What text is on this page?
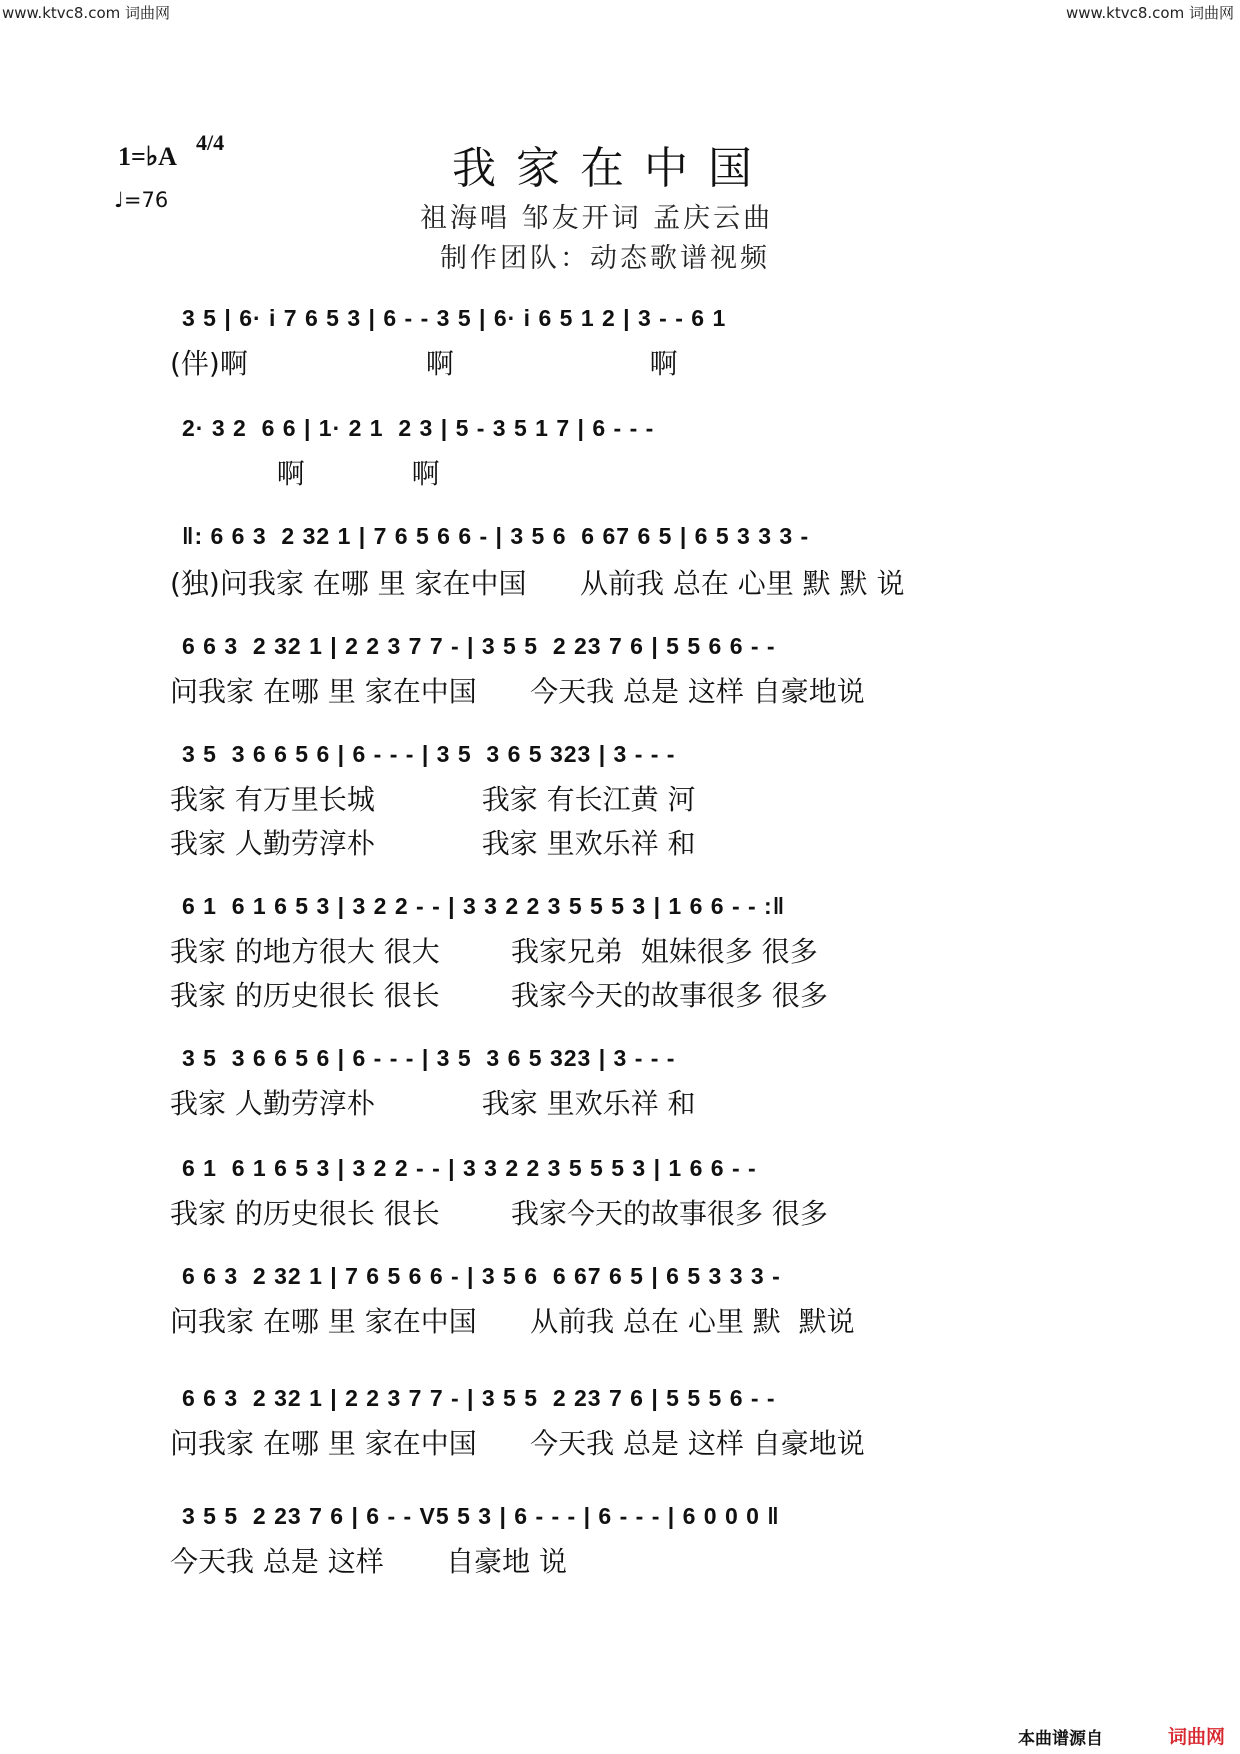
www.ktvc8.com 词曲网	www.ktvc8.com 词曲网
1=♭A 4/4
♩=76
我家在中国
祖海唱 邹友开词 孟庆云曲
制作团队：动态歌谱视频
3 5 | 6· i 7 6 5 3 | 6 - - 3 5 | 6· i 6 5 1 2 | 3 - - 6 1
(伴)啊                    啊                      啊
2· 3 2  6 6 | 1· 2 1  2 3 | 5 - 3 5 1 7 | 6 - - -
啊            啊
‖: 6 6 3  2 32 1 | 7 6 5 6 6 - | 3 5 6  6 67 6 5 | 6 5 3 3 3 -
(独)问我家 在哪 里 家在中国      从前我 总在 心里 默 默 说
6 6 3  2 32 1 | 2 2 3 7 7 - | 3 5 5  2 23 7 6 | 5 5 6 6 - -
问我家 在哪 里 家在中国      今天我 总是 这样 自豪地说
3 5  3 6 6 5 6 | 6 - - - | 3 5  3 6 5 323 | 3 - - -
我家 有万里长城            我家 有长江黄 河
我家 人勤劳淳朴            我家 里欢乐祥 和
6 1  6 1 6 5 3 | 3 2 2 - - | 3 3 2 2 3 5 5 5 3 | 1 6 6 - - :‖
我家 的地方很大 很大        我家兄弟  姐妹很多 很多
我家 的历史很长 很长        我家今天的故事很多 很多
3 5  3 6 6 5 6 | 6 - - - | 3 5  3 6 5 323 | 3 - - -
我家 人勤劳淳朴            我家 里欢乐祥 和
6 1  6 1 6 5 3 | 3 2 2 - - | 3 3 2 2 3 5 5 5 3 | 1 6 6 - -
我家 的历史很长 很长        我家今天的故事很多 很多
6 6 3  2 32 1 | 7 6 5 6 6 - | 3 5 6  6 67 6 5 | 6 5 3 3 3 -
问我家 在哪 里 家在中国      从前我 总在 心里 默  默说
6 6 3  2 32 1 | 2 2 3 7 7 - | 3 5 5  2 23 7 6 | 5 5 5 6 - -
问我家 在哪 里 家在中国      今天我 总是 这样 自豪地说
3 5 5  2 23 7 6 | 6 - - V5 5 3 | 6 - - - | 6 - - - | 6 0 0 0 ‖
今天我 总是 这样       自豪地 说
本曲谱源自	词曲网
